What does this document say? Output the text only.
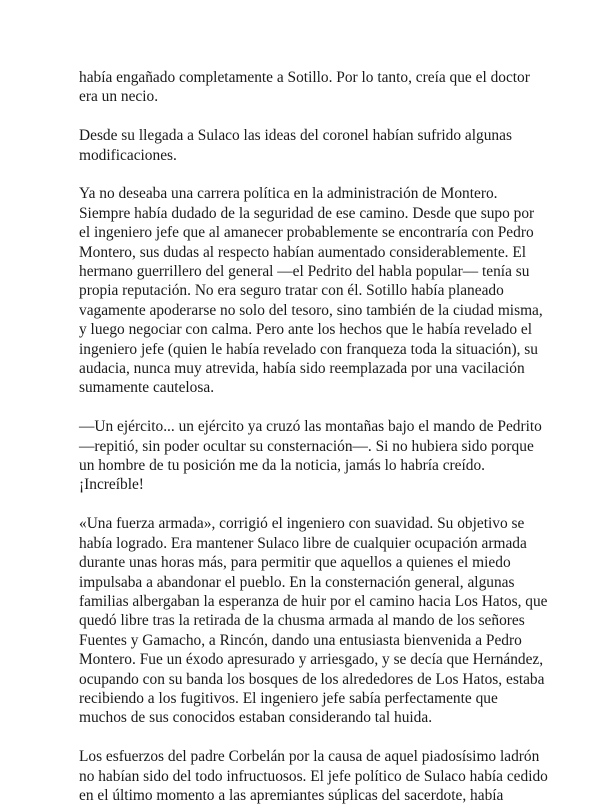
había engañado completamente a Sotillo. Por lo tanto, creía que el doctor era un necio.

Desde su llegada a Sulaco las ideas del coronel habían sufrido algunas modificaciones.

Ya no deseaba una carrera política en la administración de Montero. Siempre había dudado de la seguridad de ese camino. Desde que supo por el ingeniero jefe que al amanecer probablemente se encontraría con Pedro Montero, sus dudas al respecto habían aumentado considerablemente. El hermano guerrillero del general —el Pedrito del habla popular— tenía su propia reputación. No era seguro tratar con él. Sotillo había planeado vagamente apoderarse no solo del tesoro, sino también de la ciudad misma, y luego negociar con calma. Pero ante los hechos que le había revelado el ingeniero jefe (quien le había revelado con franqueza toda la situación), su audacia, nunca muy atrevida, había sido reemplazada por una vacilación sumamente cautelosa.

—Un ejército... un ejército ya cruzó las montañas bajo el mando de Pedrito —repitió, sin poder ocultar su consternación—. Si no hubiera sido porque un hombre de tu posición me da la noticia, jamás lo habría creído. ¡Increíble!

«Una fuerza armada», corrigió el ingeniero con suavidad. Su objetivo se había logrado. Era mantener Sulaco libre de cualquier ocupación armada durante unas horas más, para permitir que aquellos a quienes el miedo impulsaba a abandonar el pueblo. En la consternación general, algunas familias albergaban la esperanza de huir por el camino hacia Los Hatos, que quedó libre tras la retirada de la chusma armada al mando de los señores Fuentes y Gamacho, a Rincón, dando una entusiasta bienvenida a Pedro Montero. Fue un éxodo apresurado y arriesgado, y se decía que Hernández, ocupando con su banda los bosques de los alrededores de Los Hatos, estaba recibiendo a los fugitivos. El ingeniero jefe sabía perfectamente que muchos de sus conocidos estaban considerando tal huida.

Los esfuerzos del padre Corbelán por la causa de aquel piadosísimo ladrón no habían sido del todo infructuosos. El jefe político de Sulaco había cedido en el último momento a las apremiantes súplicas del sacerdote, había
